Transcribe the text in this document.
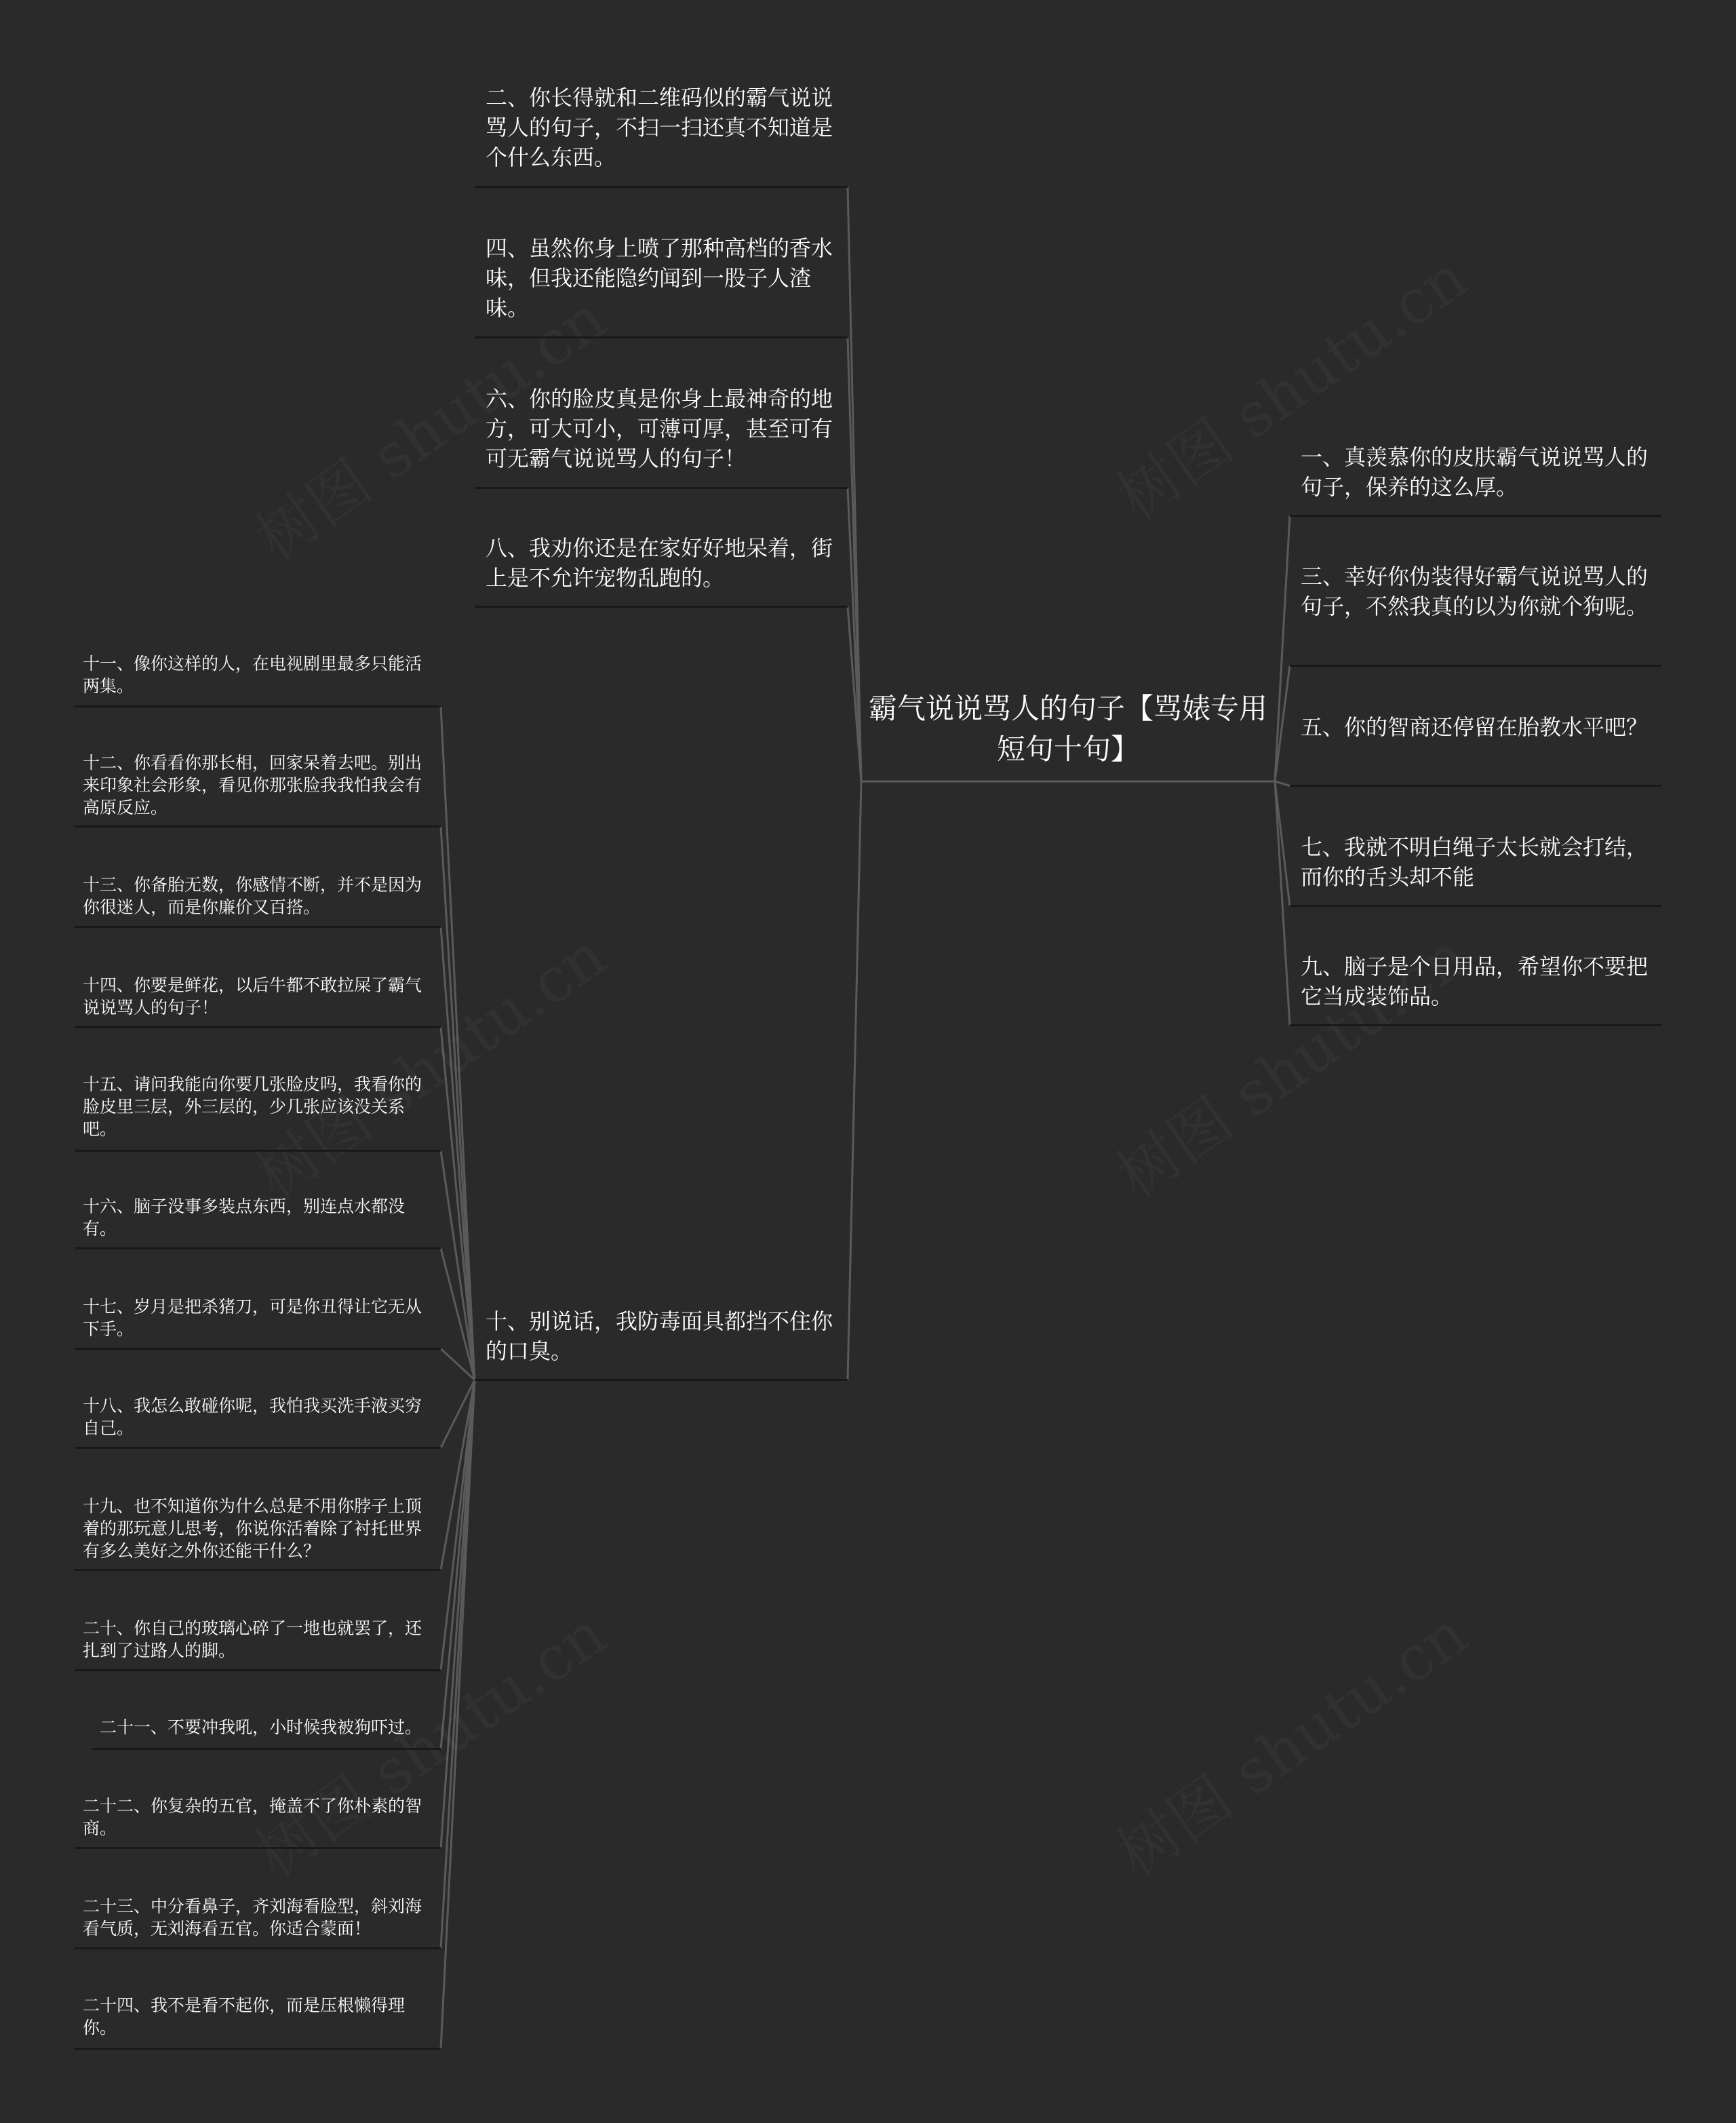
霸气说说骂人的句子【骂婊专用短句十句】
二、你长得就和二维码似的霸气说说骂人的句子，不扫一扫还真不知道是个什么东西。
四、虽然你身上喷了那种高档的香水味，但我还能隐约闻到一股子人渣味。
六、你的脸皮真是你身上最神奇的地方，可大可小，可薄可厚，甚至可有可无霸气说说骂人的句子！
八、我劝你还是在家好好地呆着，街上是不允许宠物乱跑的。
十、别说话，我防毒面具都挡不住你的口臭。
一、真羡慕你的皮肤霸气说说骂人的句子，保养的这么厚。
三、幸好你伪装得好霸气说说骂人的句子，不然我真的以为你就个狗呢。
五、你的智商还停留在胎教水平吧？
七、我就不明白绳子太长就会打结，而你的舌头却不能
九、脑子是个日用品，希望你不要把它当成装饰品。
十一、像你这样的人，在电视剧里最多只能活两集。
十二、你看看你那长相，回家呆着去吧。别出来印象社会形象，看见你那张脸我我怕我会有高原反应。
十三、你备胎无数，你感情不断，并不是因为你很迷人，而是你廉价又百搭。
十四、你要是鲜花，以后牛都不敢拉屎了霸气说说骂人的句子！
十五、请问我能向你要几张脸皮吗，我看你的脸皮里三层，外三层的，少几张应该没关系吧。
十六、脑子没事多装点东西，别连点水都没有。
十七、岁月是把杀猪刀，可是你丑得让它无从下手。
十八、我怎么敢碰你呢，我怕我买洗手液买穷自己。
十九、也不知道你为什么总是不用你脖子上顶着的那玩意儿思考，你说你活着除了衬托世界有多么美好之外你还能干什么？
二十、你自己的玻璃心碎了一地也就罢了，还扎到了过路人的脚。
二十一、不要冲我吼，小时候我被狗吓过。
二十二、你复杂的五官，掩盖不了你朴素的智商。
二十三、中分看鼻子，齐刘海看脸型，斜刘海看气质，无刘海看五官。你适合蒙面！
二十四、我不是看不起你，而是压根懒得理你。
